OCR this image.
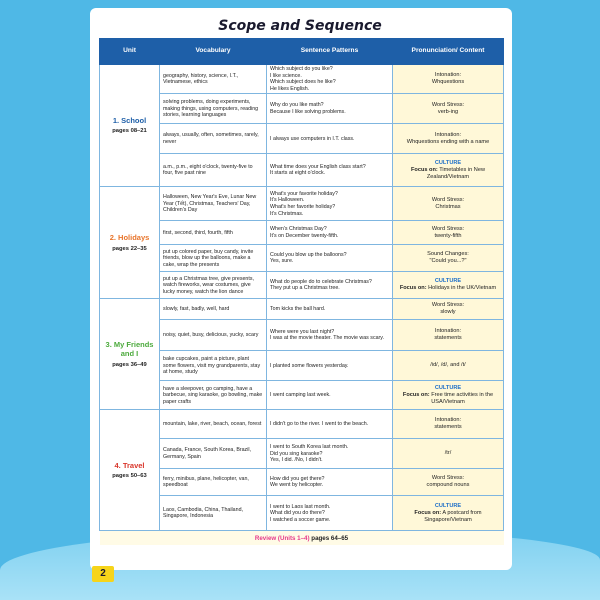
Scope and Sequence
Unit	Vocabulary	Sentence Patterns	Pronunciation/ Content

1. School
pages 08–21	geography, history, science, I.T., Vietnamese, ethics	Which subject do you like?
I like science.
Which subject does he like?
He likes English.	Intonation:
Whquestions

	solving problems, doing experiments, making things, using computers, reading stories, learning languages	Why do you like math?
Because I like solving problems.	Word Stress:
verb-ing

	always, usually, often, sometimes, rarely, never	I always use computers in I.T. class.	Intonation:
Whquestions ending with a name

	a.m., p.m., eight o'clock, twenty-five to four, five past nine	What time does your English class start?
It starts at eight o'clock.	CULTURE
Focus on: Timetables in New Zealand/Vietnam

2. Holidays
pages 22–35	Halloween, New Year's Eve, Lunar New Year (Tết), Christmas, Teachers' Day, Children's Day	What's your favorite holiday?
It's Halloween.
What's her favorite holiday?
It's Christmas.	Word Stress:
Christmas

	first, second, third, fourth, fifth	When's Christmas Day?
It's on December twenty-fifth.	Word Stress:
twenty-fifth

	put up colored paper, buy candy, invite friends, blow up the balloons, make a cake, wrap the presents	Could you blow up the balloons?
Yes, sure.	Sound Changes:
"Could you...?"

	put up a Christmas tree, give presents, watch fireworks, wear costumes, give lucky money, watch the lion dance	What do people do to celebrate Christmas?
They put up a Christmas tree.	CULTURE
Focus on: Holidays in the UK/Vietnam

3. My Friends and I
pages 36–49	slowly, fast, badly, well, hard	Tom kicks the ball hard.	Word Stress:
slowly

	noisy, quiet, busy, delicious, yucky, scary	Where were you last night?
I was at the movie theater. The movie was scary.	Intonation:
statements

	bake cupcakes, paint a picture, plant some flowers, visit my grandparents, stay at home, study	I planted some flowers yesterday.	/id/, /d/, and /t/

	have a sleepover, go camping, have a barbecue, sing karaoke, go bowling, make paper crafts	I went camping last week.	CULTURE
Focus on: Free time activities in the USA/Vietnam

4. Travel
pages 50–63	mountain, lake, river, beach, ocean, forest	I didn't go to the river. I went to the beach.	Intonation:
statements

	Canada, France, South Korea, Brazil, Germany, Spain	I went to South Korea last month.
Did you sing karaoke?
Yes, I did. /No, I didn't.	/tr/

	ferry, minibus, plane, helicopter, van, speedboat	How did you get there?
We went by helicopter.	Word Stress:
compound nouns

	Laos, Cambodia, China, Thailand, Singapore, Indonesia	I went to Laos last month.
What did you do there?
I watched a soccer game.	CULTURE
Focus on: A postcard from Singapore/Vietnam

Review (Units 1–4) pages 64–65			
2
